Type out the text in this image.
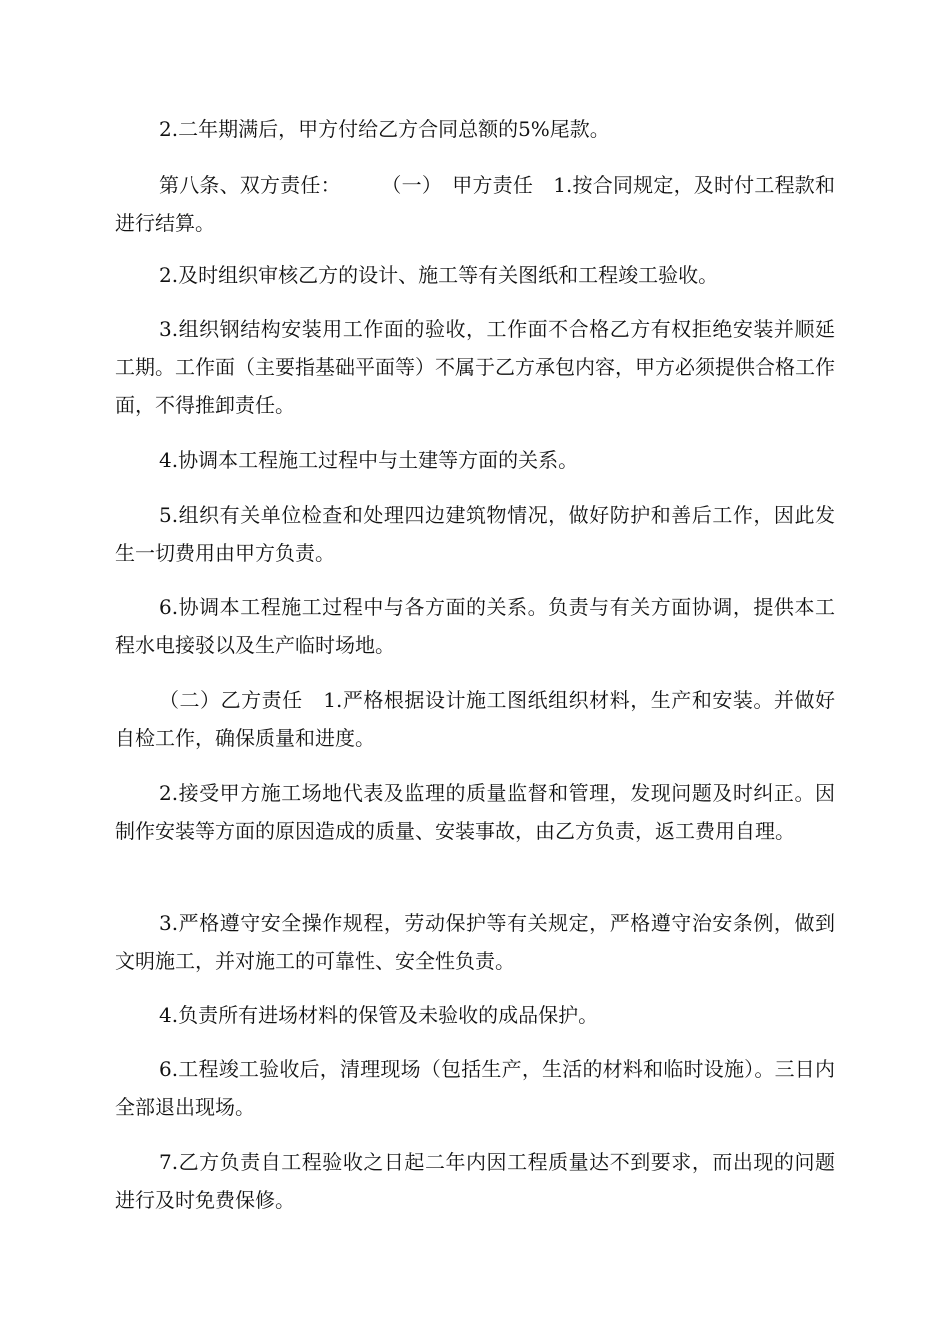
2.二年期满后，甲方付给乙方合同总额的5%尾款。

第八条、双方责任：　　　（一）　甲方责任　1.按合同规定，及时付工程款和进行结算。

2.及时组织审核乙方的设计、施工等有关图纸和工程竣工验收。

3.组织钢结构安装用工作面的验收，工作面不合格乙方有权拒绝安装并顺延工期。工作面（主要指基础平面等）不属于乙方承包内容，甲方必须提供合格工作面，不得推卸责任。

4.协调本工程施工过程中与土建等方面的关系。

5.组织有关单位检查和处理四边建筑物情况，做好防护和善后工作，因此发生一切费用由甲方负责。

6.协调本工程施工过程中与各方面的关系。负责与有关方面协调，提供本工程水电接驳以及生产临时场地。

（二）乙方责任　1.严格根据设计施工图纸组织材料，生产和安装。并做好自检工作，确保质量和进度。

2.接受甲方施工场地代表及监理的质量监督和管理，发现问题及时纠正。因制作安装等方面的原因造成的质量、安装事故，由乙方负责，返工费用自理。

3.严格遵守安全操作规程，劳动保护等有关规定，严格遵守治安条例，做到文明施工，并对施工的可靠性、安全性负责。

4.负责所有进场材料的保管及未验收的成品保护。

6.工程竣工验收后，清理现场（包括生产，生活的材料和临时设施）。三日内全部退出现场。

7.乙方负责自工程验收之日起二年内因工程质量达不到要求，而出现的问题进行及时免费保修。
